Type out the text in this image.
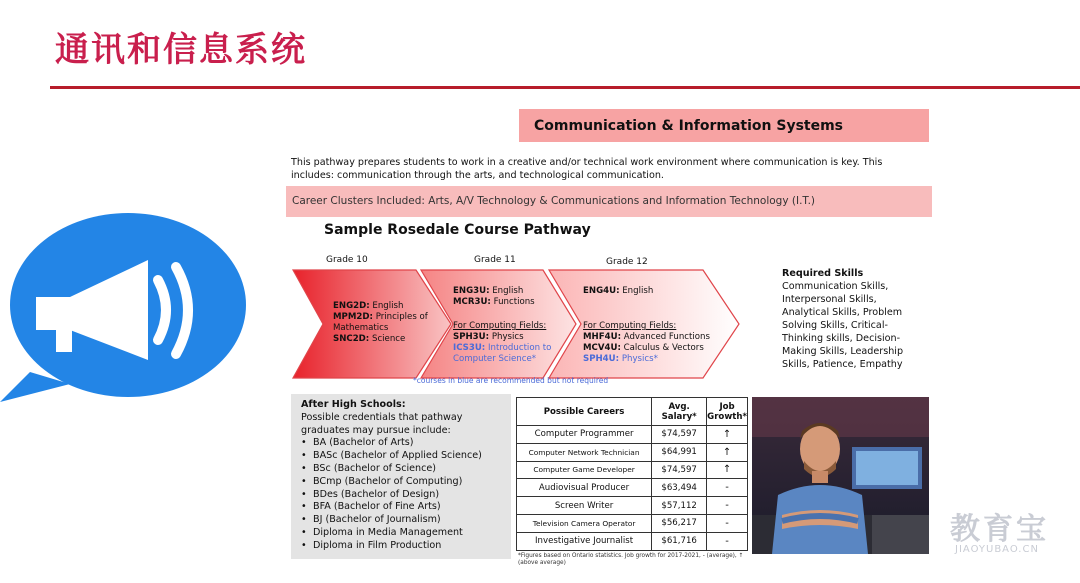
通讯和信息系统
Communication & Information Systems
This pathway prepares students to work in a creative and/or technical work environment where communication is key. This includes: communication through the arts, and technological communication.
Career Clusters Included: Arts, A/V Technology & Communications and Information Technology (I.T.)
Sample Rosedale Course Pathway
Grade 10	Grade 11	Grade 12
ENG2D: English
MPM2D: Principles of
Mathematics
SNC2D: Science
ENG3U: English
MCR3U: Functions
For Computing Fields:
SPH3U: Physics
ICS3U: Introduction to
Computer Science*
ENG4U: English
For Computing Fields:
MHF4U: Advanced Functions
MCV4U: Calculus & Vectors
SPH4U: Physics*
*courses in blue are recommended but not required
Required Skills
Communication Skills,
Interpersonal Skills,
Analytical Skills, Problem
Solving Skills, Critical-
Thinking skills, Decision-
Making Skills, Leadership
Skills, Patience, Empathy
After High Schools:
Possible credentials that pathway
graduates may pursue include:
• BA (Bachelor of Arts)
• BASc (Bachelor of Applied Science)
• BSc (Bachelor of Science)
• BCmp (Bachelor of Computing)
• BDes (Bachelor of Design)
• BFA (Bachelor of Fine Arts)
• BJ (Bachelor of Journalism)
• Diploma in Media Management
• Diploma in Film Production
Possible Careers	Avg. Salary*	Job Growth*
Computer Programmer	$74,597	↑
Computer Network Technician	$64,991	↑
Computer Game Developer	$74,597	↑
Audiovisual Producer	$63,494	-
Screen Writer	$57,112	-
Television Camera Operator	$56,217	-
Investigative Journalist	$61,716	-
*Figures based on Ontario statistics. Job growth for 2017-2021, - (average), ↑ (above average)
教育宝
JIAOYUBAO.CN
